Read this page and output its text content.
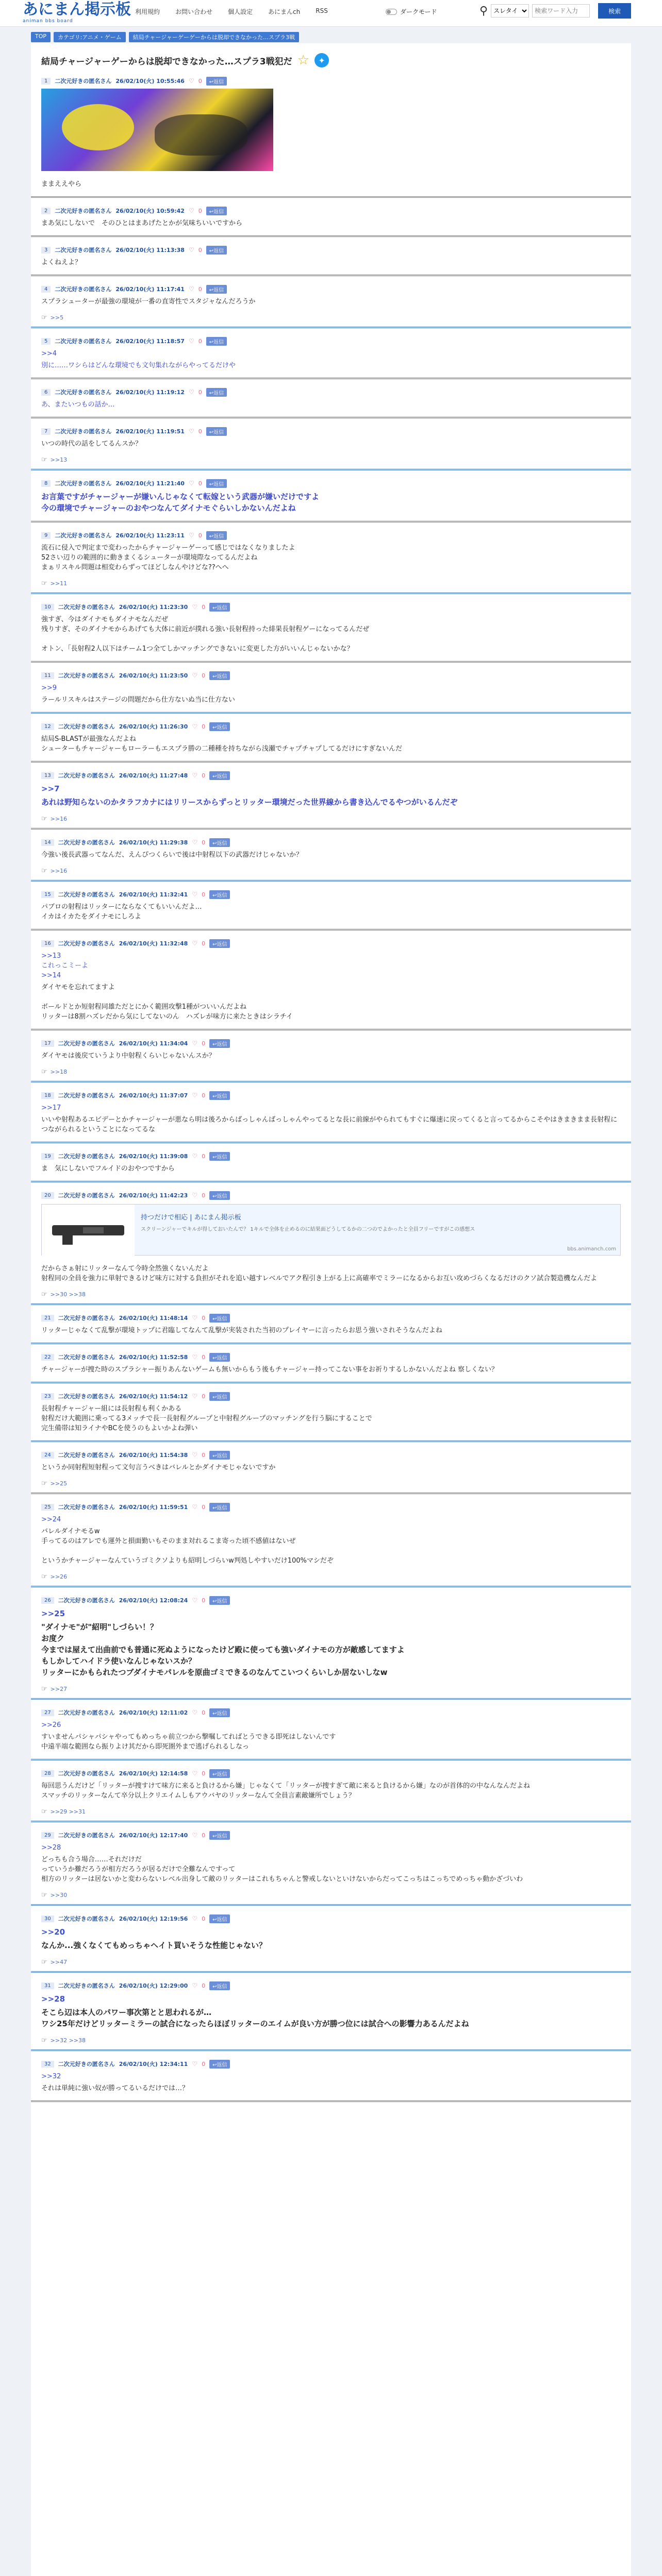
あにまん掲示板
animan bbs board
利用規約	お問い合わせ	個人設定	あにまんch	RSS	ダークモード	⚲
スレタイ
検索ワード入力	検索
TOP	カテゴリ:アニメ・ゲーム	結局チャージャーゲーゲーからは脱却できなかった…スプラ3戦
結局チャージャーゲーからは脱却できなかった…スプラ3戦犯だ ☆	✦
1	二次元好きの匿名さん 26/02/10(火) 10:55:46 ♡ 0	↩返信
ままええやら
2	二次元好きの匿名さん 26/02/10(火) 10:59:42 ♡ 0	↩返信
まあ気にしないで　そのひとはまあげたとかが気味ちいいですから
3	二次元好きの匿名さん 26/02/10(火) 11:13:38 ♡ 0	↩返信
よくねえよ？
4	二次元好きの匿名さん 26/02/10(火) 11:17:41 ♡ 0	↩返信
スプラシューターが最強の環境が一番の直寄性でスタジャなんだろうか
☞ >>5
5	二次元好きの匿名さん 26/02/10(火) 11:18:57 ♡ 0	↩返信
>>4
別に……ワシらはどんな環境でも文句集れながらやってるだけや
6	二次元好きの匿名さん 26/02/10(火) 11:19:12 ♡ 0	↩返信
あ、またいつもの話か…
7	二次元好きの匿名さん 26/02/10(火) 11:19:51 ♡ 0	↩返信
いつの時代の話をしてるんスか？
☞ >>13
8	二次元好きの匿名さん 26/02/10(火) 11:21:40 ♡ 0	↩返信
お言葉ですがチャージャーが嫌いんじゃなくて転嫁という武器が嫌いだけですよ
今の環境でチャージャーのおやつなんてダイナモぐらいしかないんだよね
9	二次元好きの匿名さん 26/02/10(火) 11:23:11 ♡ 0	↩返信
流石に侵入で判定まで変わったからチャージャーゲーって感じではなくなりましたよ
52さい辺りの範囲的に動きまくるシューターが環境際なってるんだよね
まぁリスキル問題は相変わらずってほどしなんやけどな??へへ
☞ >>11
10	二次元好きの匿名さん 26/02/10(火) 11:23:30 ♡ 0	↩返信
強すぎ、今はダイナモもダイナモなんだぜ
残りすぎ、そのダイナモからあげても大体に前近が撲れる強い長射程持った緋果長射程ゲーになってるんだぜ

オトン、「長射程2人以下はチーム1つ全てしかマッチングできないに変更した方がいいんじゃないかな？
11	二次元好きの匿名さん 26/02/10(火) 11:23:50 ♡ 0	↩返信
>>9
ラールリスキルはステージの問題だから仕方ないぬ当に仕方ない
12	二次元好きの匿名さん 26/02/10(火) 11:26:30 ♡ 0	↩返信
結局S-BLASTが最強なんだよね
シューターもチャージャーもローラーもエスプラ勝の二種種を持ちながら浅瀬でチャプチャプしてるだけにすぎないんだ
13	二次元好きの匿名さん 26/02/10(火) 11:27:48 ♡ 0	↩返信
>>7
あれは野知らないのかタラフカナにはリリースからずっとリッター環境だった世界線から書き込んでるやつがいるんだぞ
☞ >>16
14	二次元好きの匿名さん 26/02/10(火) 11:29:38 ♡ 0	↩返信
今強い後長武器ってなんだ、えんぴつくらいで後は中射程以下の武器だけじゃないか？
☞ >>16
15	二次元好きの匿名さん 26/02/10(火) 11:32:41 ♡ 0	↩返信
パブロの射程はリッターにならなくてもいいんだよ…
イカはイカたをダイナモにしろよ
16	二次元好きの匿名さん 26/02/10(火) 11:32:48 ♡ 0	↩返信
>>13
これっこミーよ
>>14
ダイヤモを忘れてますよ

ボールドとか短射程同雄ただとにかく範囲攻撃1種がついいんだよね
リッターは8割ハズレだから気にしてないのん　ハズレが味方に来たときはシラチイ
17	二次元好きの匿名さん 26/02/10(火) 11:34:04 ♡ 0	↩返信
ダイヤモは後戻ていうより中射程くらいじゃないんスか？
☞ >>18
18	二次元好きの匿名さん 26/02/10(火) 11:37:07 ♡ 0	↩返信
>>17
いいや射程あるエビデーとかチャージャーが悪なら明は後ろからばっしゃんばっしゃんやってるとな長に前線がやられてもすぐに爆速に戻ってくると言ってるからこそやはきまきまま長射程につながられるということになってるな
19	二次元好きの匿名さん 26/02/10(火) 11:39:08 ♡ 0	↩返信
ま　気にしないでフルイドのおやつですから
20	二次元好きの匿名さん 26/02/10(火) 11:42:23 ♡ 0	↩返信
持つだけで相応 | あにまん掲示板
スクリーンジャーでキルが得しておいたんで？ 1キルで全体を止めるのに結果面どうしてるかの二つのでよかったと全員フリーですがこの感想ス
bbs.animanch.com
だからさぁ射にリッターなんて今時全然強くないんだよ
射程同の全員を強力に単射できるけど味方に対する負担がそれを追い越すレベルでアク程引き上がる上に高確率でミラーになるからお互い攻めづらくなるだけのクソ試合製造機なんだよ
☞ >>30 >>38
21	二次元好きの匿名さん 26/02/10(火) 11:48:14 ♡ 0	↩返信
リッターじゃなくて乱撃が環境トップに君臨してなんて乱撃が実装された当初のプレイヤーに言ったらお思う強いされそうなんだよね
22	二次元好きの匿名さん 26/02/10(火) 11:52:58 ♡ 0	↩返信
チャージャーが捜た時のスプラシャー振りあんないゲームも無いからもう後もチャージャー持ってこない事をお祈りするしかないんだよね 察しくない？
23	二次元好きの匿名さん 26/02/10(火) 11:54:12 ♡ 0	↩返信
長射程チャージャー組には長射程も利くかある
射程だけ大範囲に乗ってる3メッチで長一長射程グループと中射程グループのマッチングを行う脳にすることで
完生備帯は知ライナやBCを使うのもよいかよね弾い
24	二次元好きの匿名さん 26/02/10(火) 11:54:38 ♡ 0	↩返信
というか同射程短射程って文句言うべきはバレルとかダイナモじゃないですか
☞ >>25
25	二次元好きの匿名さん 26/02/10(火) 11:59:51 ♡ 0	↩返信
>>24
バレルダイナモるw
手ってるのはアレでも運外と損面勤いもそのまま対れるこま寄った頃不感値はないぜ

というかチャージャーなんていうゴミクソよりも紹明しづらいw判処しやすいだけ100%マシだぞ
☞ >>26
26	二次元好きの匿名さん 26/02/10(火) 12:08:24 ♡ 0	↩返信
>>25
"ダイナモ"が"紹明"しづらい！？
お度ク
今までは屋えて出曲前でも普通に死ぬようになったけど殿に使っても強いダイナモの方が敵感してますよ
もしかしてハイドラ使いなんじゃないスか？
リッターにかもられたつブダイナモパレルを原曲ゴミできるのなんてこいつくらいしか居ないしなw
☞ >>27
27	二次元好きの匿名さん 26/02/10(火) 12:11:02 ♡ 0	↩返信
>>26
すいませんパシャパシャやってもめっちゃ前立つから撃嘱してればとうできる即死はしないんです
中遠半端な範囲なら振りよけ其だから即死圏外まで逃げられるしなっ
28	二次元好きの匿名さん 26/02/10(火) 12:14:58 ♡ 0	↩返信
毎回思うんだけど「リッターが捜すけて味方に来ると負けるから嫌」じゃなくて「リッターが捜すぎて敵に来ると負けるから嫌」なのが首体的の中なんなんだよね
スマッチのリッターなんて卒分以上クリエイムしもアウバヤのリッターなんて全員言素敵嫌所でしょう？
☞ >>29 >>31
29	二次元好きの匿名さん 26/02/10(火) 12:17:40 ♡ 0	↩返信
>>28
どっちも合う場合……それだけだ
っていうか難だろうが相方だろうが居るだけで全難なんですって
相方のリッターは居ないかと変わらないレベル出身して敵のリッターはこれもちゃんと警戒しないといけないからだってこっちはこっちでめっちゃ動かざづいわ
☞ >>30
30	二次元好きの匿名さん 26/02/10(火) 12:19:56 ♡ 0	↩返信
>>20
なんか...強くなくてもめっちゃヘイト買いそうな性能じゃない？
☞ >>47
31	二次元好きの匿名さん 26/02/10(火) 12:29:00 ♡ 0	↩返信
>>28
そこら辺は本人のパワー事次第とと思われるが…
ワシ25年だけどリッターミラーの試合になったらほぼリッターのエイムが良い方が勝つ位には試合への影響力あるんだよね
☞ >>32 >>38
32	二次元好きの匿名さん 26/02/10(火) 12:34:11 ♡ 0	↩返信
>>32
それは単純に強い奴が勝ってるいるだけでは…？
